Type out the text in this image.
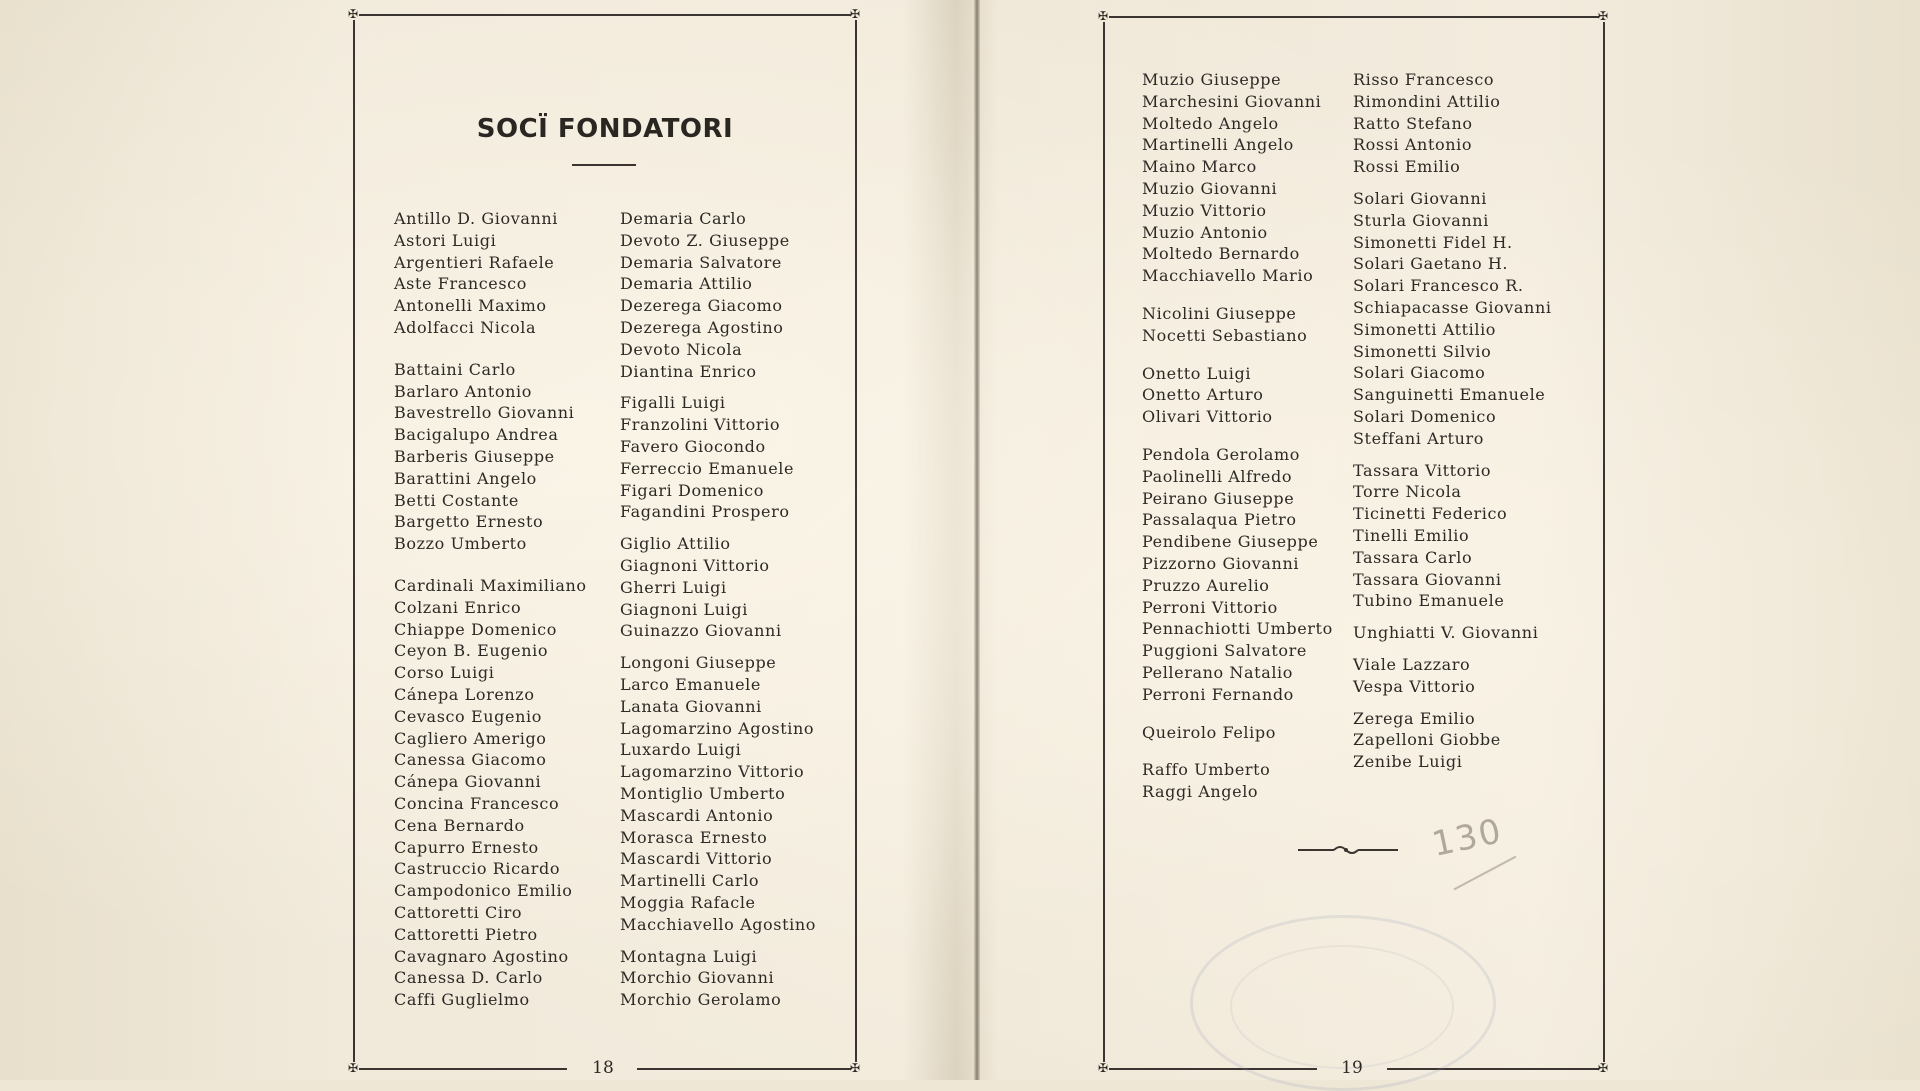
✠	✠
✠	✠
18
SOCÏ FONDATORI
Antillo D. Giovanni
Astori Luigi
Argentieri Rafaele
Aste Francesco
Antonelli Maximo
Adolfacci Nicola
Battaini Carlo
Barlaro Antonio
Bavestrello Giovanni
Bacigalupo Andrea
Barberis Giuseppe
Barattini Angelo
Betti Costante
Bargetto Ernesto
Bozzo Umberto
Cardinali Maximiliano
Colzani Enrico
Chiappe Domenico
Ceyon B. Eugenio
Corso Luigi
Cánepa Lorenzo
Cevasco Eugenio
Cagliero Amerigo
Canessa Giacomo
Cánepa Giovanni
Concina Francesco
Cena Bernardo
Capurro Ernesto
Castruccio Ricardo
Campodonico Emilio
Cattoretti Ciro
Cattoretti Pietro
Cavagnaro Agostino
Canessa D. Carlo
Caffi Guglielmo
Demaria Carlo
Devoto Z. Giuseppe
Demaria Salvatore
Demaria Attilio
Dezerega Giacomo
Dezerega Agostino
Devoto Nicola
Diantina Enrico
Figalli Luigi
Franzolini Vittorio
Favero Giocondo
Ferreccio Emanuele
Figari Domenico
Fagandini Prospero
Giglio Attilio
Giagnoni Vittorio
Gherri Luigi
Giagnoni Luigi
Guinazzo Giovanni
Longoni Giuseppe
Larco Emanuele
Lanata Giovanni
Lagomarzino Agostino
Luxardo Luigi
Lagomarzino Vittorio
Montiglio Umberto
Mascardi Antonio
Morasca Ernesto
Mascardi Vittorio
Martinelli Carlo
Moggia Rafacle
Macchiavello Agostino
Montagna Luigi
Morchio Giovanni
Morchio Gerolamo
✠	✠
✠	✠
19
Muzio Giuseppe
Marchesini Giovanni
Moltedo Angelo
Martinelli Angelo
Maino Marco
Muzio Giovanni
Muzio Vittorio
Muzio Antonio
Moltedo Bernardo
Macchiavello Mario
Nicolini Giuseppe
Nocetti Sebastiano
Onetto Luigi
Onetto Arturo
Olivari Vittorio
Pendola Gerolamo
Paolinelli Alfredo
Peirano Giuseppe
Passalaqua Pietro
Pendibene Giuseppe
Pizzorno Giovanni
Pruzzo Aurelio
Perroni Vittorio
Pennachiotti Umberto
Puggioni Salvatore
Pellerano Natalio
Perroni Fernando
Queirolo Felipo
Raffo Umberto
Raggi Angelo
Risso Francesco
Rimondini Attilio
Ratto Stefano
Rossi Antonio
Rossi Emilio
Solari Giovanni
Sturla Giovanni
Simonetti Fidel H.
Solari Gaetano H.
Solari Francesco R.
Schiapacasse Giovanni
Simonetti Attilio
Simonetti Silvio
Solari Giacomo
Sanguinetti Emanuele
Solari Domenico
Steffani Arturo
Tassara Vittorio
Torre Nicola
Ticinetti Federico
Tinelli Emilio
Tassara Carlo
Tassara Giovanni
Tubino Emanuele
Unghiatti V. Giovanni
Viale Lazzaro
Vespa Vittorio
Zerega Emilio
Zapelloni Giobbe
Zenibe Luigi
130
